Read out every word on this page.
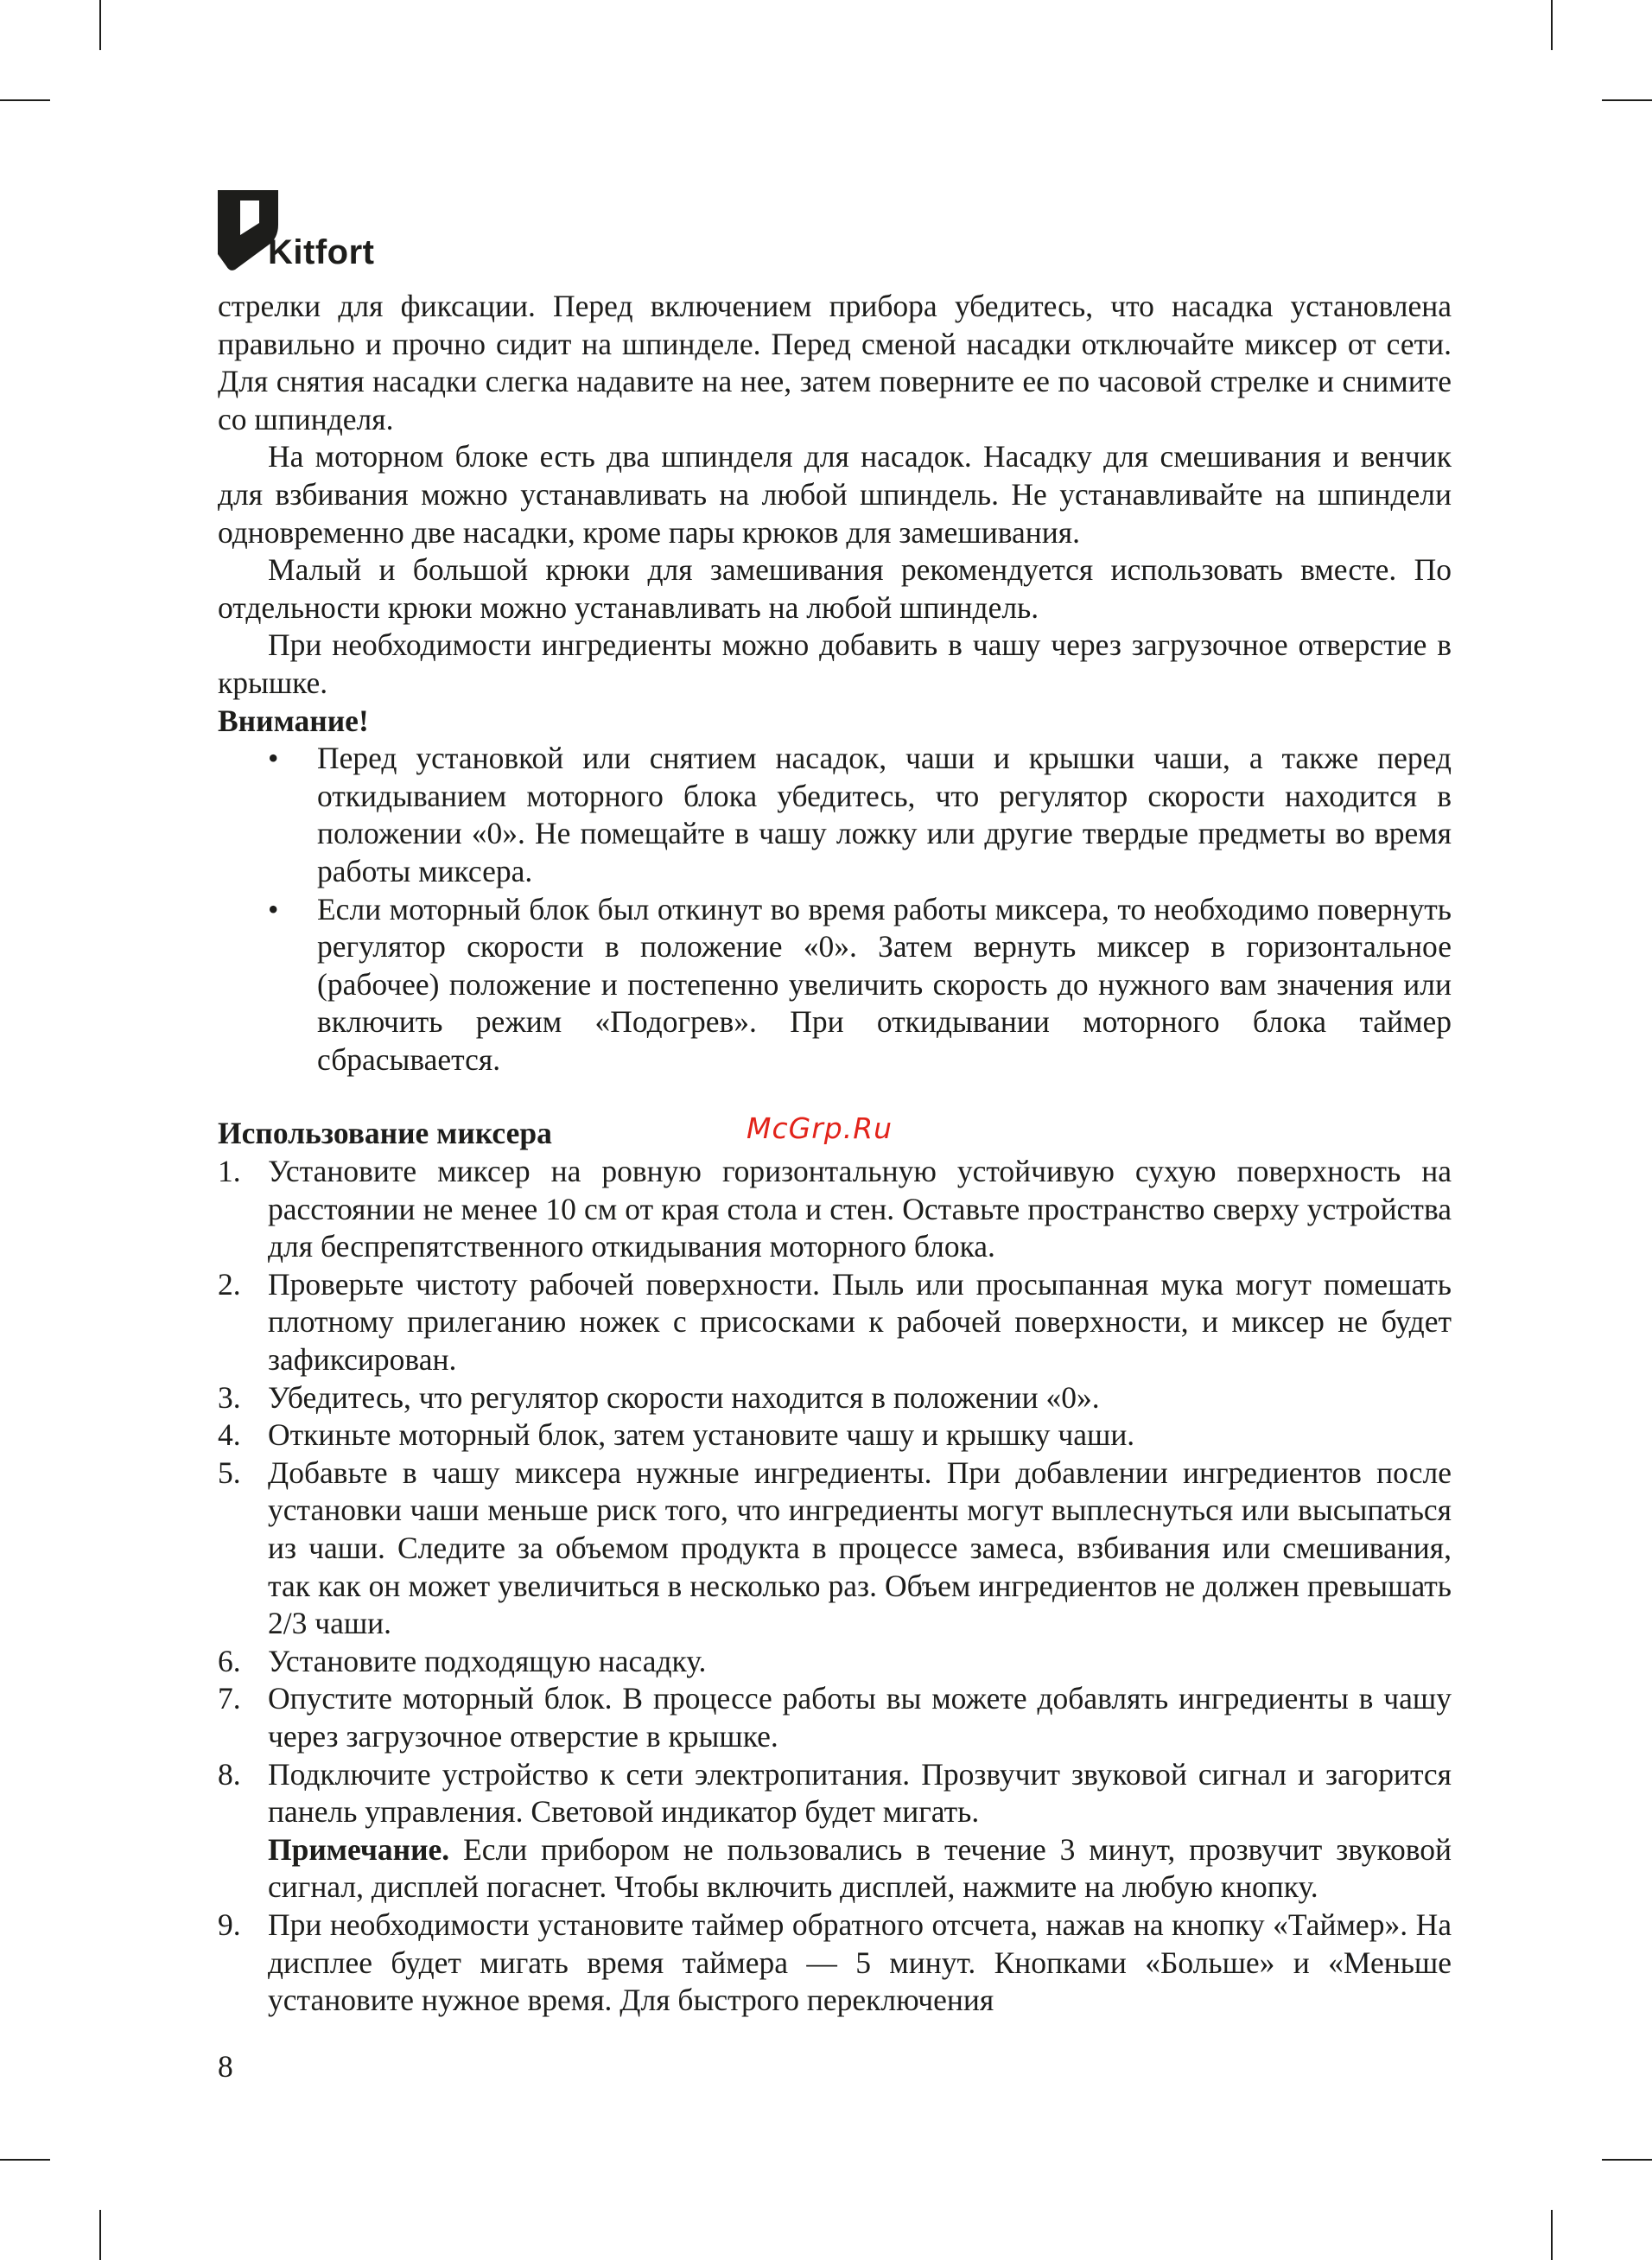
Kitfort

стрелки для фиксации. Перед включением прибора убедитесь, что насадка установлена правильно и прочно сидит на шпинделе. Перед сменой насадки отключайте миксер от сети. Для снятия насадки слегка надавите на нее, затем поверните ее по часовой стрелке и снимите со шпинделя.

На моторном блоке есть два шпинделя для насадок. Насадку для смешивания и венчик для взбивания можно устанавливать на любой шпиндель. Не устанавливайте на шпиндели одновременно две насадки, кроме пары крюков для замешивания.

Малый и большой крюки для замешивания рекомендуется использовать вместе. По отдельности крюки можно устанавливать на любой шпиндель.

При необходимости ингредиенты можно добавить в чашу через загрузочное отверстие в крышке.

Внимание!

• Перед установкой или снятием насадок, чаши и крышки чаши, а также перед откидыванием моторного блока убедитесь, что регулятор скорости находится в положении «0». Не помещайте в чашу ложку или другие твердые предметы во время работы миксера.
• Если моторный блок был откинут во время работы миксера, то необходимо повернуть регулятор скорости в положение «0». Затем вернуть миксер в горизонтальное (рабочее) положение и постепенно увеличить скорость до нужного вам значения или включить режим «Подогрев». При откидывании моторного блока таймер сбрасывается.

Использование миксера

1. Установите миксер на ровную горизонтальную устойчивую сухую поверхность на расстоянии не менее 10 см от края стола и стен. Оставьте пространство сверху устройства для беспрепятственного откидывания моторного блока.
2. Проверьте чистоту рабочей поверхности. Пыль или просыпанная мука могут помешать плотному прилеганию ножек с присосками к рабочей поверхности, и миксер не будет зафиксирован.
3. Убедитесь, что регулятор скорости находится в положении «0».
4. Откиньте моторный блок, затем установите чашу и крышку чаши.
5. Добавьте в чашу миксера нужные ингредиенты. При добавлении ингредиентов после установки чаши меньше риск того, что ингредиенты могут выплеснуться или высыпаться из чаши. Следите за объемом продукта в процессе замеса, взбивания или смешивания, так как он может увеличиться в несколько раз. Объем ингредиентов не должен превышать 2/3 чаши.
6. Установите подходящую насадку.
7. Опустите моторный блок. В процессе работы вы можете добавлять ингредиенты в чашу через загрузочное отверстие в крышке.
8. Подключите устройство к сети электропитания. Прозвучит звуковой сигнал и загорится панель управления. Световой индикатор будет мигать.

Примечание. Если прибором не пользовались в течение 3 минут, прозвучит звуковой сигнал, дисплей погаснет. Чтобы включить дисплей, нажмите на любую кнопку.

9. При необходимости установите таймер обратного отсчета, нажав на кнопку «Таймер». На дисплее будет мигать время таймера — 5 минут. Кнопками «Больше» и «Меньше установите нужное время. Для быстрого переключения
McGrp.Ru
8
